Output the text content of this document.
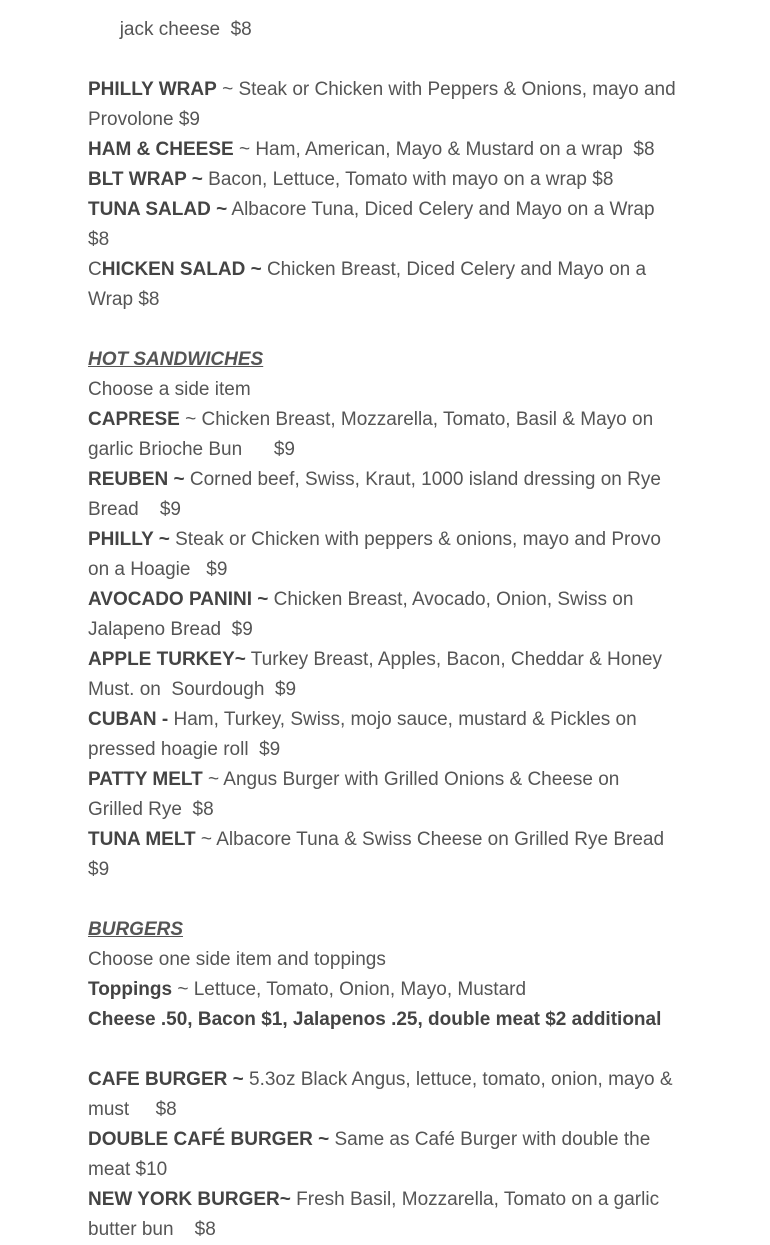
jack cheese  $8

PHILLY WRAP ~ Steak or Chicken with Peppers & Onions, mayo and
Provolone $9
HAM & CHEESE ~ Ham, American, Mayo & Mustard on a wrap  $8
BLT WRAP ~ Bacon, Lettuce, Tomato with mayo on a wrap $8
TUNA SALAD ~ Albacore Tuna, Diced Celery and Mayo on a Wrap
$8
CHICKEN SALAD ~ Chicken Breast, Diced Celery and Mayo on a
Wrap $8
HOT SANDWICHES
Choose a side item
CAPRESE ~ Chicken Breast, Mozzarella, Tomato, Basil & Mayo on
garlic Brioche Bun      $9
REUBEN ~ Corned beef, Swiss, Kraut, 1000 island dressing on Rye
Bread    $9
PHILLY ~ Steak or Chicken with peppers & onions, mayo and Provo
on a Hoagie   $9
AVOCADO PANINI ~ Chicken Breast, Avocado, Onion, Swiss on
Jalapeno Bread  $9
APPLE TURKEY~ Turkey Breast, Apples, Bacon, Cheddar & Honey
Must. on  Sourdough  $9
CUBAN - Ham, Turkey, Swiss, mojo sauce, mustard & Pickles on
pressed hoagie roll  $9
PATTY MELT ~ Angus Burger with Grilled Onions & Cheese on
Grilled Rye  $8
TUNA MELT ~ Albacore Tuna & Swiss Cheese on Grilled Rye Bread
$9
BURGERS
Choose one side item and toppings
Toppings ~ Lettuce, Tomato, Onion, Mayo, Mustard
Cheese .50, Bacon $1, Jalapenos .25, double meat $2 additional
CAFE BURGER ~ 5.3oz Black Angus, lettuce, tomato, onion, mayo &
must     $8
DOUBLE CAFÉ BURGER ~ Same as Café Burger with double the
meat $10
NEW YORK BURGER~ Fresh Basil, Mozzarella, Tomato on a garlic
butter bun    $8
